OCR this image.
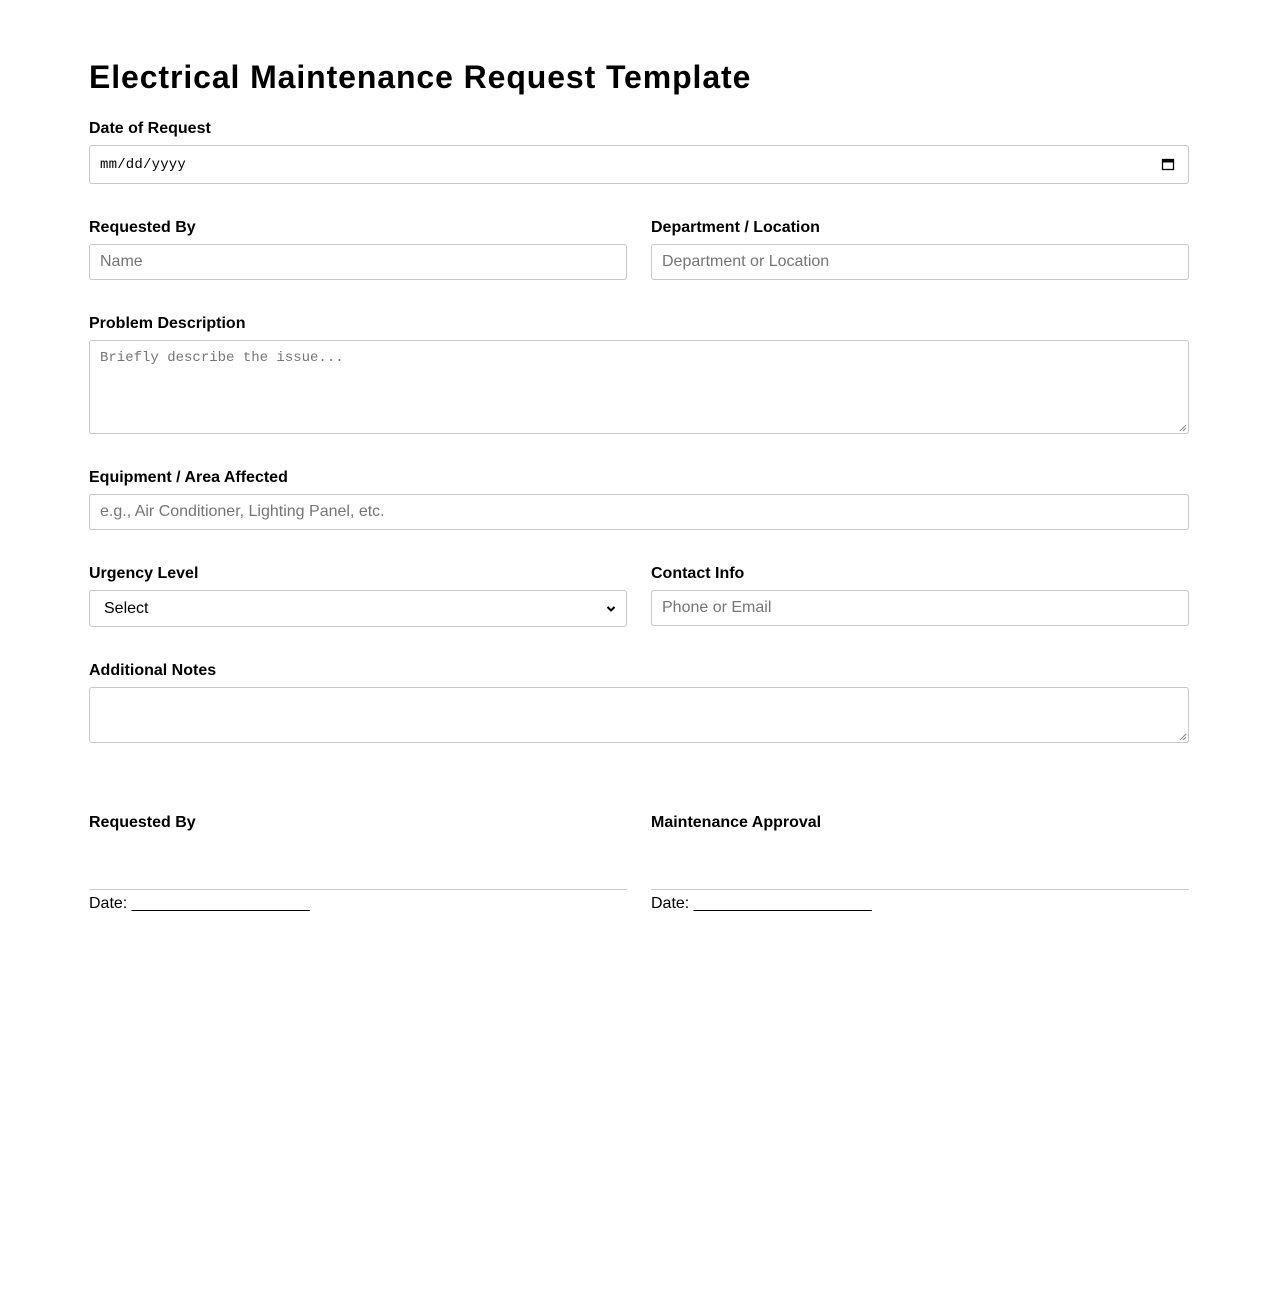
Electrical Maintenance Request Template
Date of Request
mm/dd/yyyy
Requested By
Name
Department / Location
Department or Location
Problem Description
Briefly describe the issue...
Equipment / Area Affected
e.g., Air Conditioner, Lighting Panel, etc.
Urgency Level
Select
Contact Info
Phone or Email
Additional Notes
Requested By
Date: ____________________
Maintenance Approval
Date: ____________________
